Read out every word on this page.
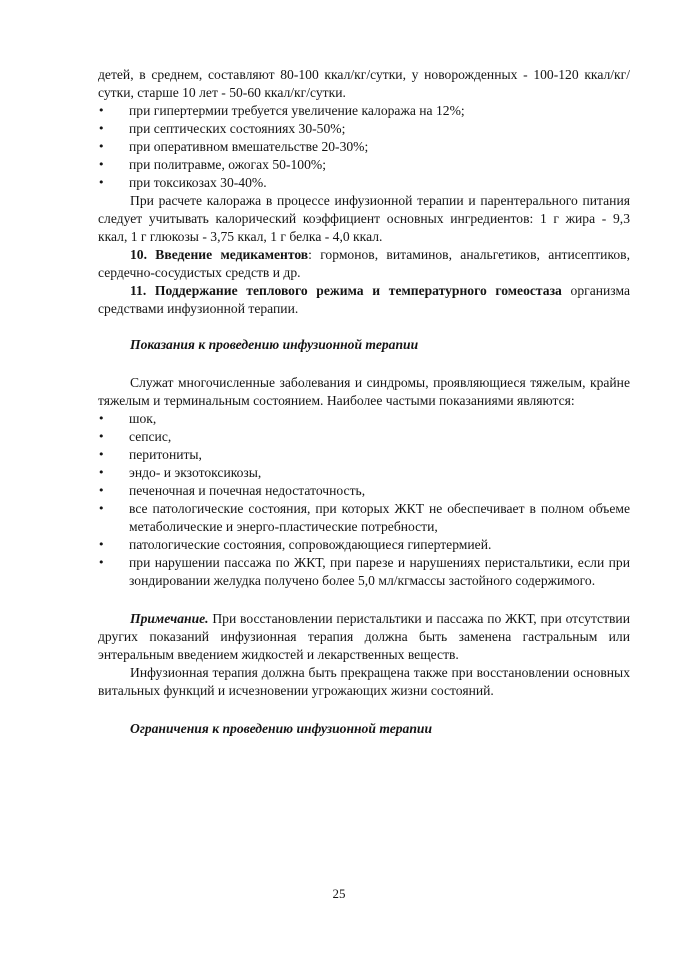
детей, в среднем, составляют 80-100 ккал/кг/сутки, у новорожденных - 100-120 ккал/кг/сутки, старше 10 лет - 50-60 ккал/кг/сутки.

• при гипертермии требуется увеличение калоража на 12%;
• при септических состояниях 30-50%;
• при оперативном вмешательстве 20-30%;
• при политравме, ожогах 50-100%;
• при токсикозах 30-40%.

При расчете калоража в процессе инфузионной терапии и парентерального питания следует учитывать калорический коэффициент основных ингредиентов: 1 г жира - 9,3 ккал, 1 г глюкозы - 3,75 ккал, 1 г белка - 4,0 ккал.

10. Введение медикаментов: гормонов, витаминов, анальгетиков, антисептиков, сердечно-сосудистых средств и др.

11. Поддержание теплового режима и температурного гомеостаза организма средствами инфузионной терапии.

Показания к проведению инфузионной терапии

Служат многочисленные заболевания и синдромы, проявляющиеся тяжелым, крайне тяжелым и терминальным состоянием. Наиболее частыми показаниями являются:

• шок,
• сепсис,
• перитониты,
• эндо- и экзотоксикозы,
• печеночная и почечная недостаточность,
• все патологические состояния, при которых ЖКТ не обеспечивает в полном объеме метаболические и энерго-пластические потребности,
• патологические состояния, сопровождающиеся гипертермией.
• при нарушении пассажа по ЖКТ, при парезе и нарушениях перистальтики, если при зондировании желудка получено более 5,0 мл/кгмассы застойного содержимого.

Примечание. При восстановлении перистальтики и пассажа по ЖКТ, при отсутствии других показаний инфузионная терапия должна быть заменена гастральным или энтеральным введением жидкостей и лекарственных веществ.

Инфузионная терапия должна быть прекращена также при восстановлении основных витальных функций и исчезновении угрожающих жизни состояний.

Ограничения к проведению инфузионной терапии

25
